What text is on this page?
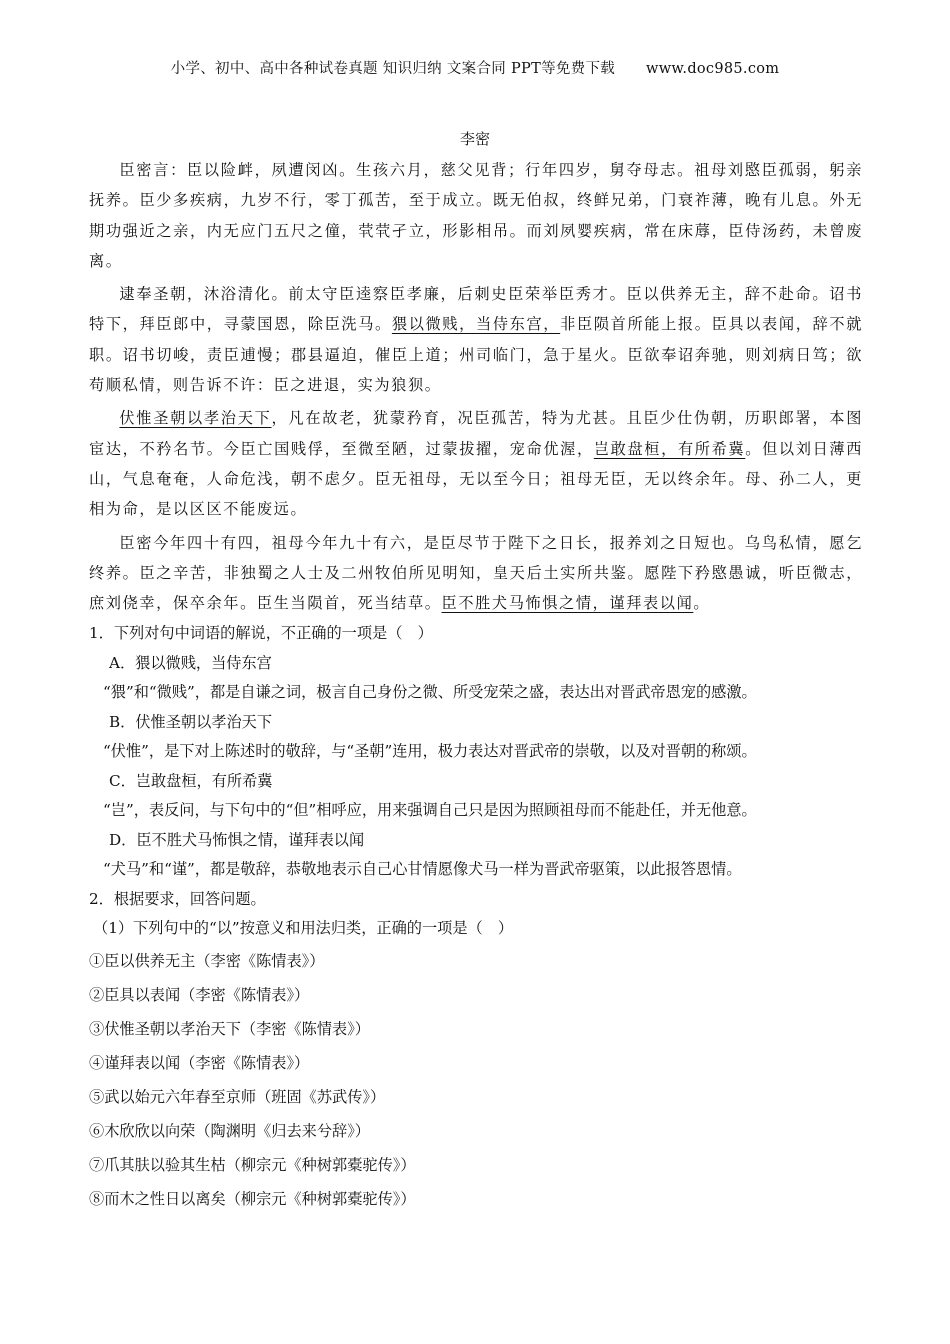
小学、初中、高中各种试卷真题 知识归纳 文案合同 PPT等免费下载 www.doc985.com
李密

臣密言：臣以险衅，夙遭闵凶。生孩六月，慈父见背；行年四岁，舅夺母志。祖母刘愍臣孤弱，躬亲抚养。臣少多疾病，九岁不行，零丁孤苦，至于成立。既无伯叔，终鲜兄弟，门衰祚薄，晚有儿息。外无期功强近之亲，内无应门五尺之僮，茕茕孑立，形影相吊。而刘夙婴疾病，常在床蓐，臣侍汤药，未曾废离。

逮奉圣朝，沐浴清化。前太守臣逵察臣孝廉，后刺史臣荣举臣秀才。臣以供养无主，辞不赴命。诏书特下，拜臣郎中，寻蒙国恩，除臣洗马。猥以微贱，当侍东宫，非臣陨首所能上报。臣具以表闻，辞不就职。诏书切峻，责臣逋慢；郡县逼迫，催臣上道；州司临门，急于星火。臣欲奉诏奔驰，则刘病日笃；欲苟顺私情，则告诉不许：臣之进退，实为狼狈。

伏惟圣朝以孝治天下，凡在故老，犹蒙矜育，况臣孤苦，特为尤甚。且臣少仕伪朝，历职郎署，本图宦达，不矜名节。今臣亡国贱俘，至微至陋，过蒙拔擢，宠命优渥，岂敢盘桓，有所希冀。但以刘日薄西山，气息奄奄，人命危浅，朝不虑夕。臣无祖母，无以至今日；祖母无臣，无以终余年。母、孙二人，更相为命，是以区区不能废远。

臣密今年四十有四，祖母今年九十有六，是臣尽节于陛下之日长，报养刘之日短也。乌鸟私情，愿乞终养。臣之辛苦，非独蜀之人士及二州牧伯所见明知，皇天后土实所共鉴。愿陛下矜愍愚诚，听臣微志，庶刘侥幸，保卒余年。臣生当陨首，死当结草。臣不胜犬马怖惧之情，谨拜表以闻。

1．下列对句中词语的解说，不正确的一项是（　）
A．猥以微贱，当侍东宫
“猥”和“微贱”，都是自谦之词，极言自己身份之微、所受宠荣之盛，表达出对晋武帝恩宠的感激。
B．伏惟圣朝以孝治天下
“伏惟”，是下对上陈述时的敬辞，与“圣朝”连用，极力表达对晋武帝的崇敬，以及对晋朝的称颂。
C．岂敢盘桓，有所希冀
“岂”，表反问，与下句中的“但”相呼应，用来强调自己只是因为照顾祖母而不能赴任，并无他意。
D．臣不胜犬马怖惧之情，谨拜表以闻
“犬马”和“谨”，都是敬辞，恭敬地表示自己心甘情愿像犬马一样为晋武帝驱策，以此报答恩情。
2．根据要求，回答问题。
（1）下列句中的“以”按意义和用法归类，正确的一项是（　）
①臣以供养无主（李密《陈情表》）
②臣具以表闻（李密《陈情表》）
③伏惟圣朝以孝治天下（李密《陈情表》）
④谨拜表以闻（李密《陈情表》）
⑤武以始元六年春至京师（班固《苏武传》）
⑥木欣欣以向荣（陶渊明《归去来兮辞》）
⑦爪其肤以验其生枯（柳宗元《种树郭橐驼传》）
⑧而木之性日以离矣（柳宗元《种树郭橐驼传》）
